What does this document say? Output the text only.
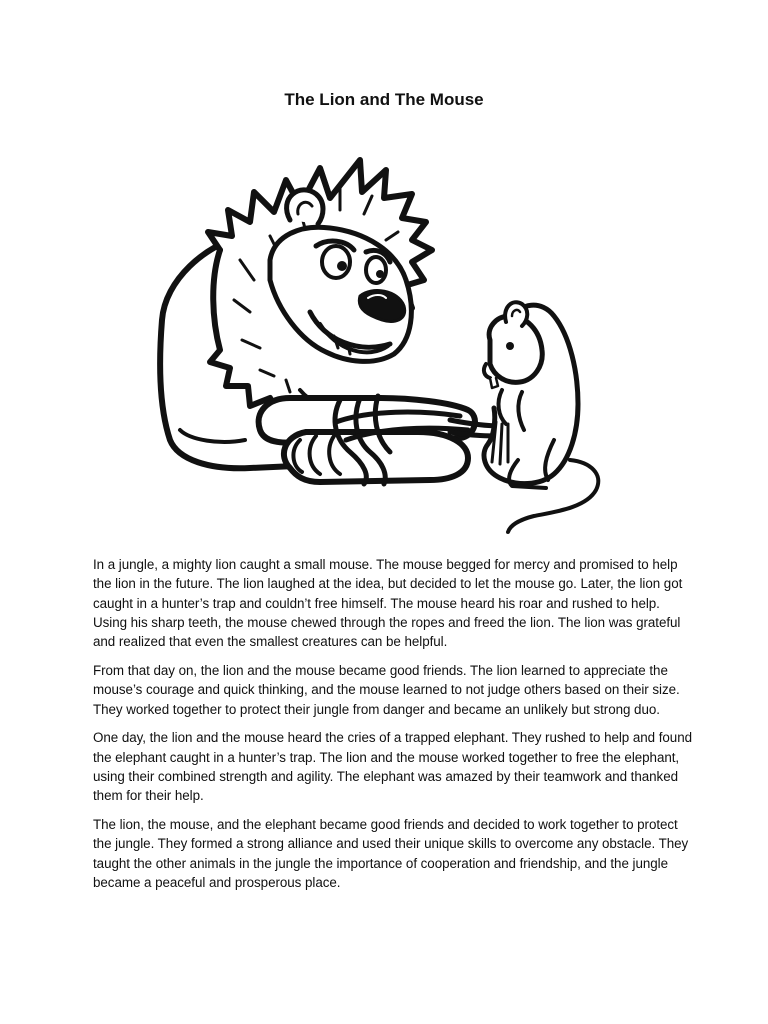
The Lion and The Mouse

In a jungle, a mighty lion caught a small mouse. The mouse begged for mercy and promised to help the lion in the future. The lion laughed at the idea, but decided to let the mouse go. Later, the lion got caught in a hunter’s trap and couldn’t free himself. The mouse heard his roar and rushed to help. Using his sharp teeth, the mouse chewed through the ropes and freed the lion. The lion was grateful and realized that even the smallest creatures can be helpful.

From that day on, the lion and the mouse became good friends. The lion learned to appreciate the mouse’s courage and quick thinking, and the mouse learned to not judge others based on their size. They worked together to protect their jungle from danger and became an unlikely but strong duo.

One day, the lion and the mouse heard the cries of a trapped elephant. They rushed to help and found the elephant caught in a hunter’s trap. The lion and the mouse worked together to free the elephant, using their combined strength and agility. The elephant was amazed by their teamwork and thanked them for their help.

The lion, the mouse, and the elephant became good friends and decided to work together to protect the jungle. They formed a strong alliance and used their unique skills to overcome any obstacle. They taught the other animals in the jungle the importance of cooperation and friendship, and the jungle became a peaceful and prosperous place.
